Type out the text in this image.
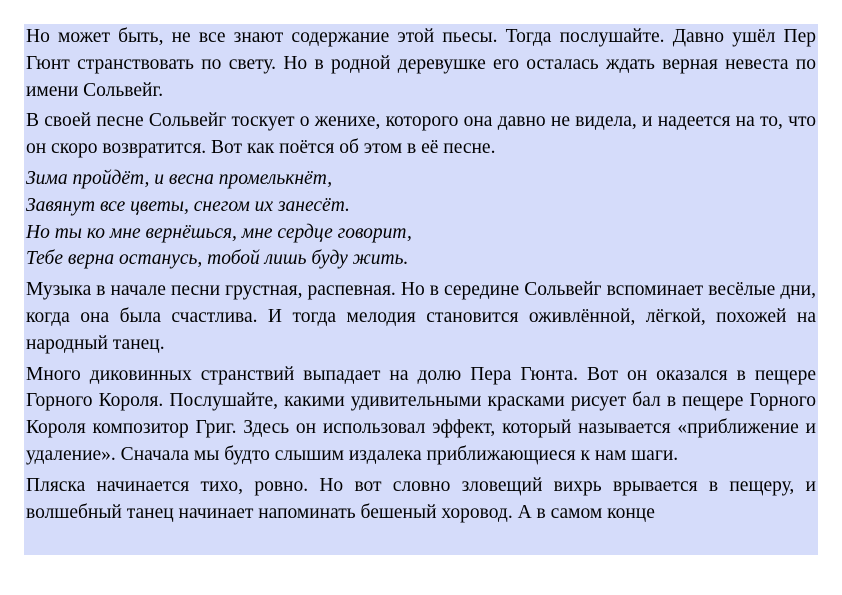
Но может быть, не все знают содержание этой пьесы. Тогда послушайте. Давно ушёл Пер Гюнт странствовать по свету. Но в родной деревушке его осталась ждать верная невеста по имени Сольвейг.

В своей песне Сольвейг тоскует о женихе, которого она давно не видела, и надеется на то, что он скоро возвратится. Вот как поётся об этом в её песне.

Зима пройдёт, и весна промелькнёт,
Завянут все цветы, снегом их занесёт.
Но ты ко мне вернёшься, мне сердце говорит,
Тебе верна останусь, тобой лишь буду жить.

Музыка в начале песни грустная, распевная. Но в середине Сольвейг вспоминает весёлые дни, когда она была счастлива. И тогда мелодия становится оживлённой, лёгкой, похожей на народный танец.

Много диковинных странствий выпадает на долю Пера Гюнта. Вот он оказался в пещере Горного Короля. Послушайте, какими удивительными красками рисует бал в пещере Горного Короля композитор Григ. Здесь он использовал эффект, который называется «приближение и удаление». Сначала мы будто слышим издалека приближающиеся к нам шаги.

Пляска начинается тихо, ровно. Но вот словно зловещий вихрь врывается в пещеру, и волшебный танец начинает напоминать бешеный хоровод. А в самом конце
